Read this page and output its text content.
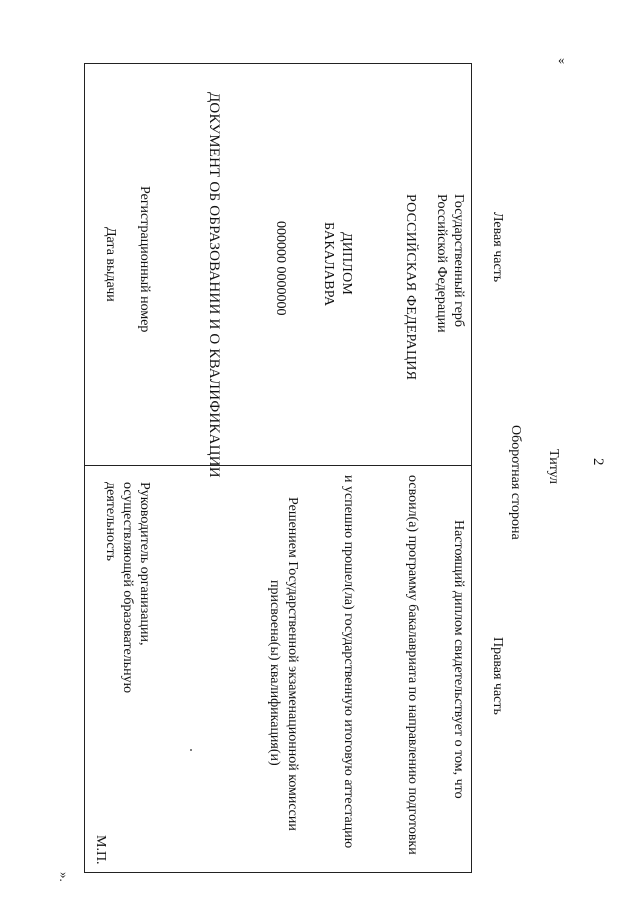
«
2
Титул
Оборотная сторона
Левая часть
Государственный герб
Российской Федерации
РОССИЙСКАЯ ФЕДЕРАЦИЯ
ДИПЛОМ
БАКАЛАВРА
000000 0000000
ДОКУМЕНТ ОБ ОБРАЗОВАНИИ И О КВАЛИФИКАЦИИ
Регистрационный номер
Дата выдачи
Правая часть
Настоящий диплом свидетельствует о том, что
освоил(а) программу бакалавриата по направлению подготовки
и успешно прошел(ла) государственную итоговую аттестацию
Решением Государственной экзаменационной комиссии
присвоена(ы) квалификация(и)
Руководитель организации,
осуществляющей образовательную
деятельность
М.П.
».
